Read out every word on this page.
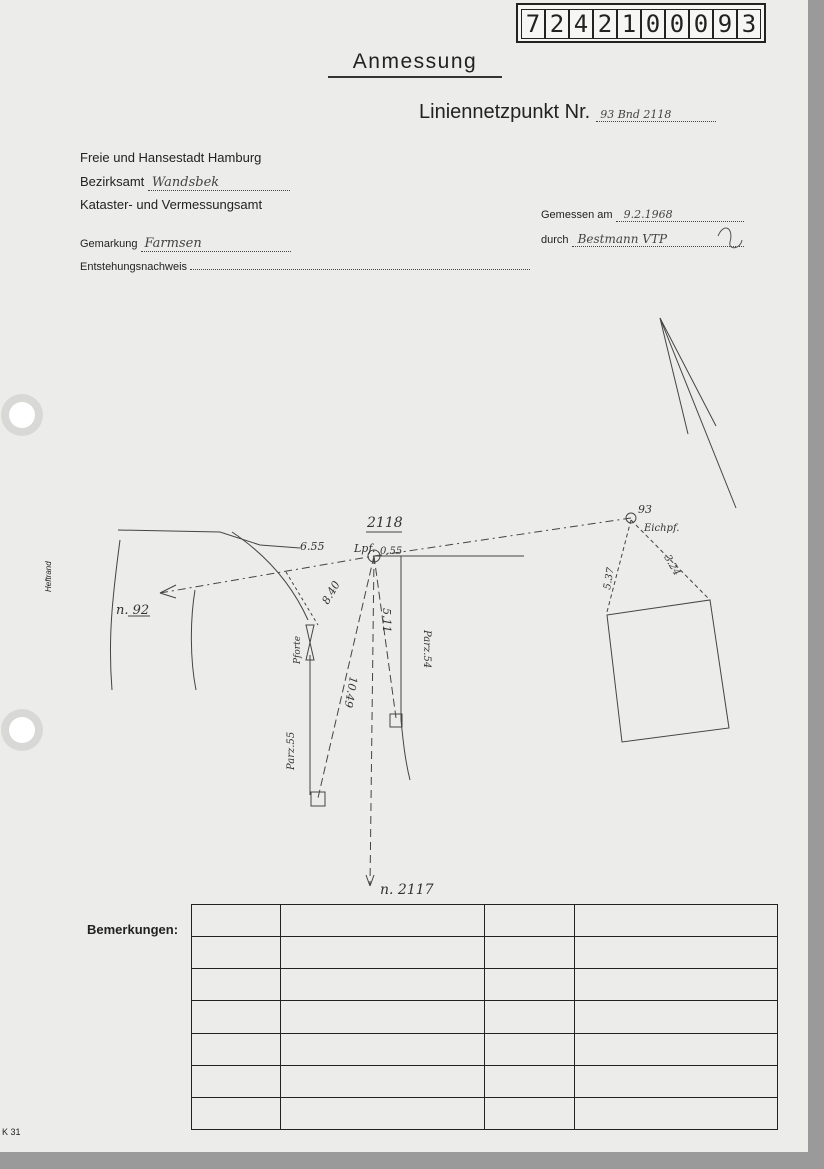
7 2 4 2 1 0 0 0 9 3
Anmessung
Liniennetzpunkt Nr. 93 Bnd 2118
Freie und Hansestadt Hamburg
Bezirksamt Wandsbek
Kataster- und Vermessungsamt
Gemarkung Farmsen
Entstehungsnachweis
Gemessen am 9.2.1968
durch Bestmann VTP
Heftrand
2118
Lpf. 0.55
6.55
93
Eichpf.
n. 92
n. 2117
8.40
5.11
10.49
5.37
3.24
Pforte	Parz.54
Parz.55
Bemerkungen:

K 31
